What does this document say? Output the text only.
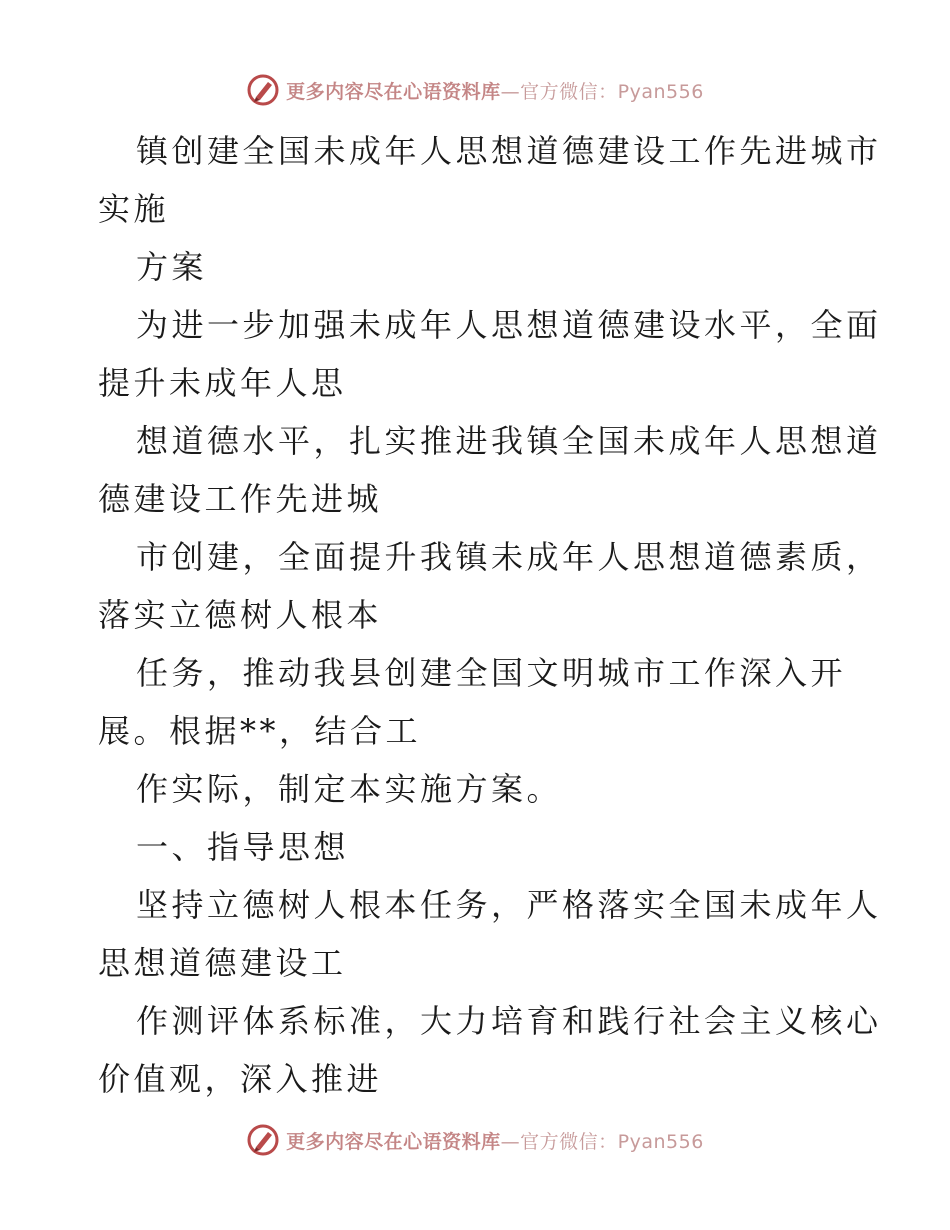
更多内容尽在心语资料库—官方微信：Pyan556

镇创建全国未成年人思想道德建设工作先进城市

实施

方案

为进一步加强未成年人思想道德建设水平，全面

提升未成年人思

想道德水平，扎实推进我镇全国未成年人思想道

德建设工作先进城

市创建，全面提升我镇未成年人思想道德素质，

落实立德树人根本

任务，推动我县创建全国文明城市工作深入开

展。根据**，结合工

作实际，制定本实施方案。

一、指导思想

坚持立德树人根本任务，严格落实全国未成年人

思想道德建设工

作测评体系标准，大力培育和践行社会主义核心

价值观，深入推进

更多内容尽在心语资料库—官方微信：Pyan556
